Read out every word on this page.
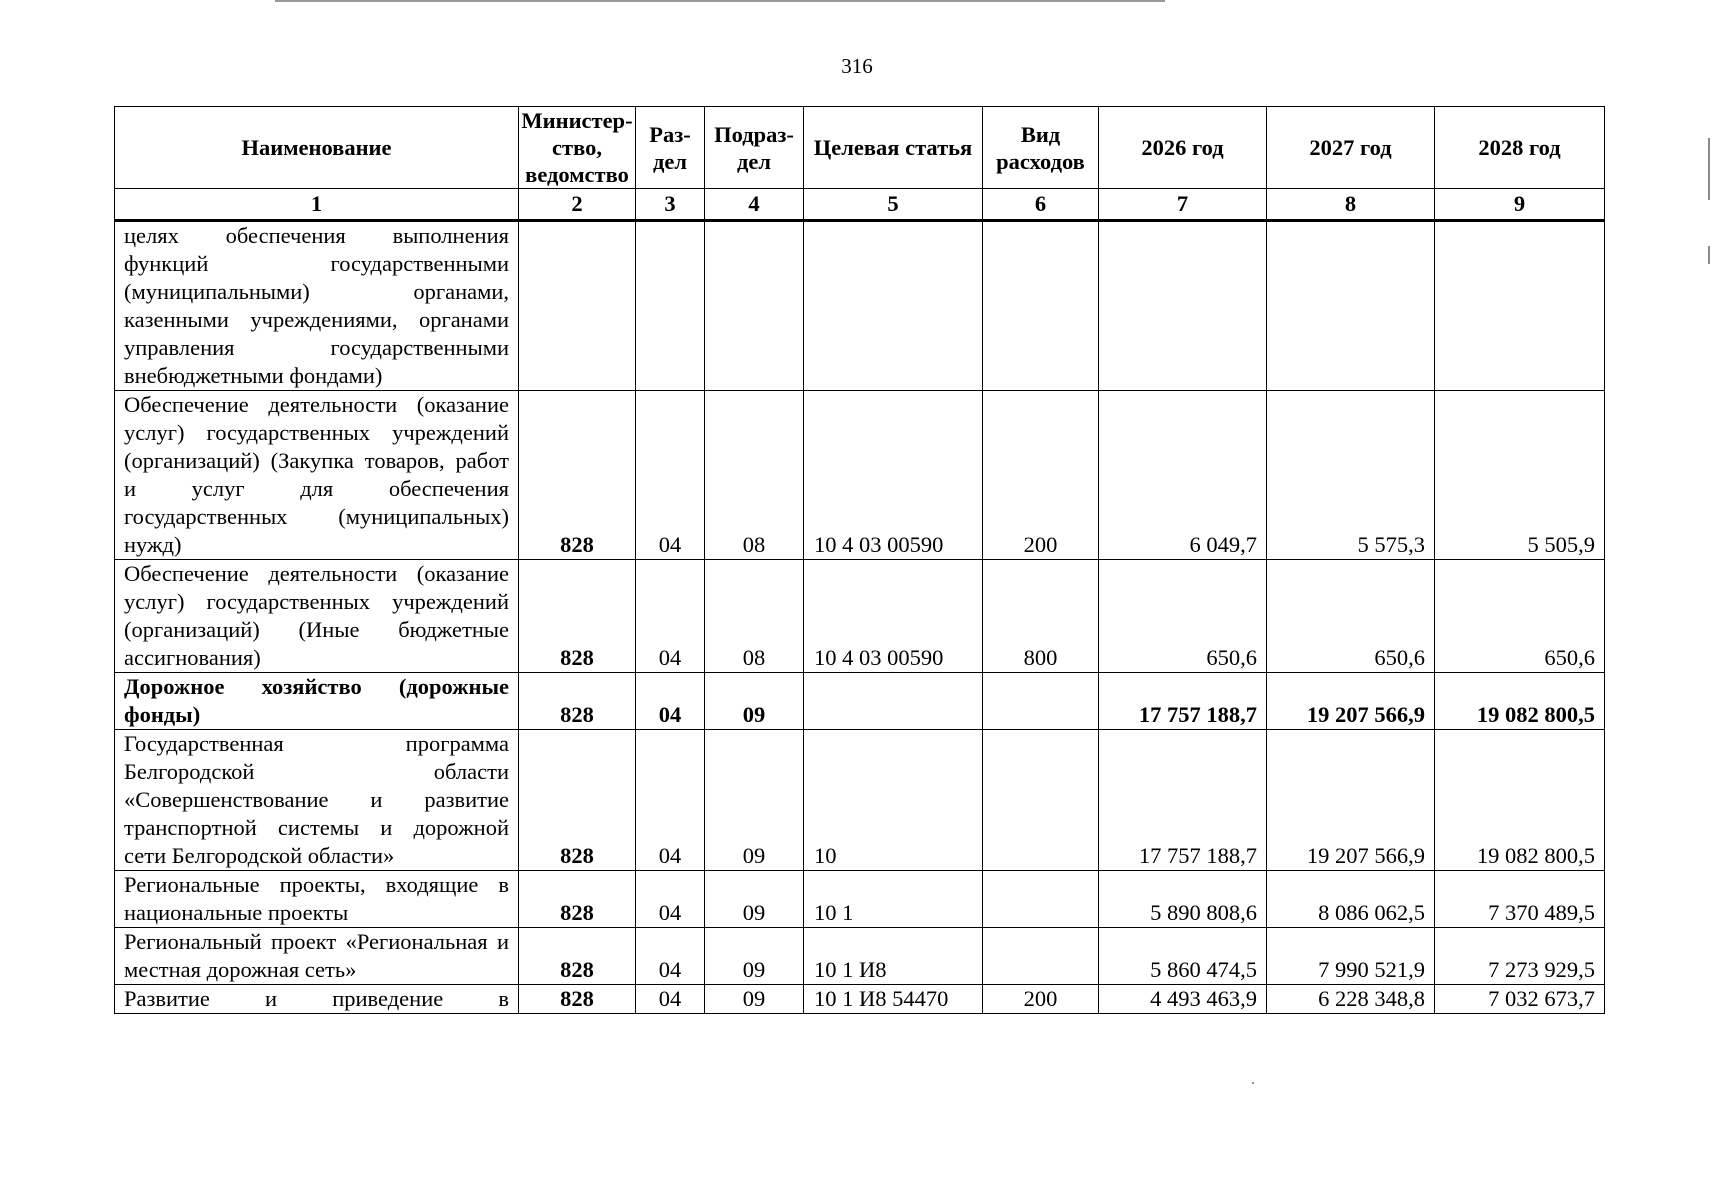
316
Наименование	Министер-ство, ведомство	Раз-дел	Подраз-дел	Целевая статья	Вид расходов	2026 год	2027 год	2028 год
1	2	3	4	5	6	7	8	9
целях обеспечения выполнения функций государственными (муниципальными) органами, казенными учреждениями, органами управления государственными внебюджетными фондами)								
Обеспечение деятельности (оказание услуг) государственных учреждений (организаций) (Закупка товаров, работ и услуг для обеспечения государственных (муниципальных) нужд)	828	04	08	10 4 03 00590	200	6 049,7	5 575,3	5 505,9
Обеспечение деятельности (оказание услуг) государственных учреждений (организаций) (Иные бюджетные ассигнования)	828	04	08	10 4 03 00590	800	650,6	650,6	650,6
Дорожное хозяйство (дорожные фонды)	828	04	09			17 757 188,7	19 207 566,9	19 082 800,5
Государственная программа Белгородской области «Совершенствование и развитие транспортной системы и дорожной сети Белгородской области»	828	04	09	10		17 757 188,7	19 207 566,9	19 082 800,5
Региональные проекты, входящие в национальные проекты	828	04	09	10 1		5 890 808,6	8 086 062,5	7 370 489,5
Региональный проект «Региональная и местная дорожная сеть»	828	04	09	10 1 И8		5 860 474,5	7 990 521,9	7 273 929,5
Развитие и приведение в	828	04	09	10 1 И8 54470	200	4 493 463,9	6 228 348,8	7 032 673,7
